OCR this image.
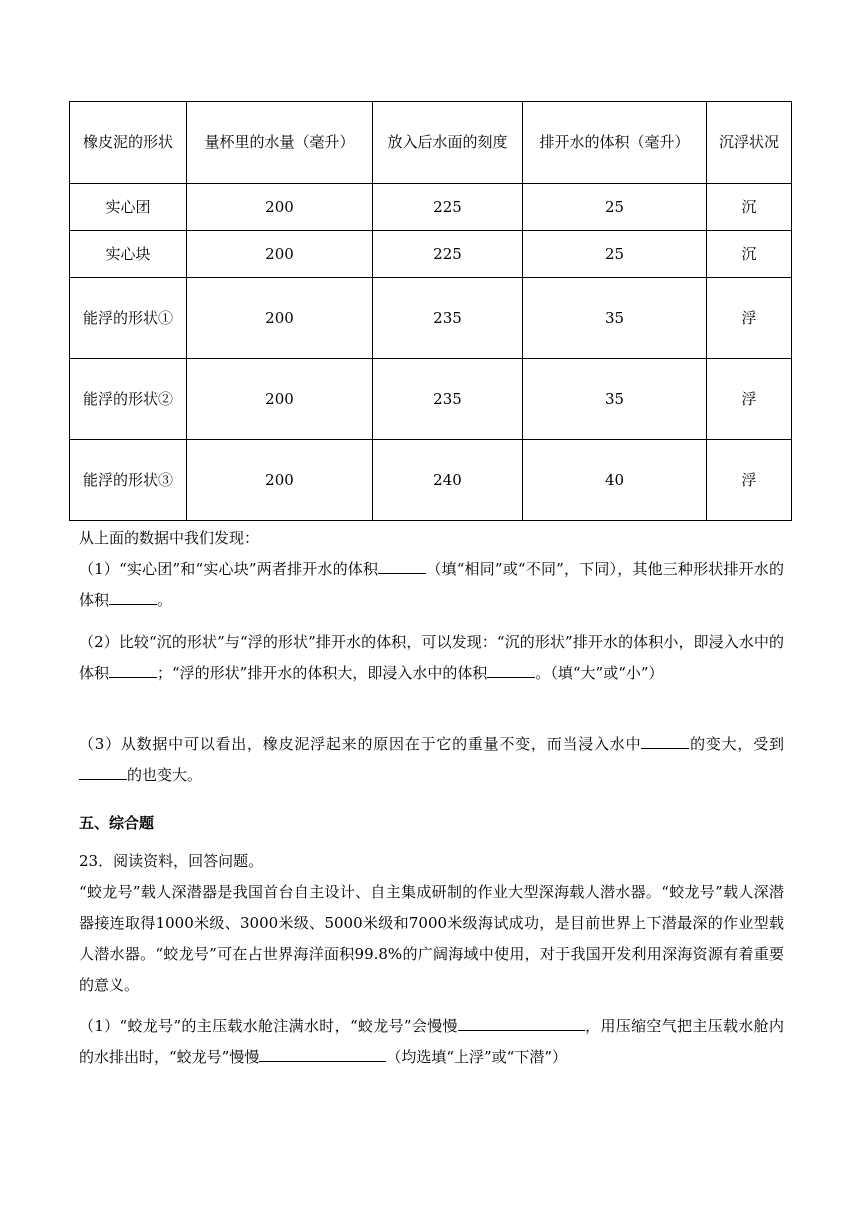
橡皮泥的形状	量杯里的水量（毫升）	放入后水面的刻度	排开水的体积（毫升）	沉浮状况
实心团	200	225	25	沉
实心块	200	225	25	沉
能浮的形状①	200	235	35	浮
能浮的形状②	200	235	35	浮
能浮的形状③	200	240	40	浮
从上面的数据中我们发现：
（1）“实心团”和“实心块”两者排开水的体积	（填“相同”或“不同”，下同），其他三种形状排开水的体积	。
（2）比较“沉的形状”与“浮的形状”排开水的体积，可以发现：“沉的形状”排开水的体积小，即浸入水中的体积	；“浮的形状”排开水的体积大，即浸入水中的体积	。（填“大”或“小”）
（3）从数据中可以看出，橡皮泥浮起来的原因在于它的重量不变，而当浸入水中	的变大，受到的也变大。
五、综合题
23．阅读资料，回答问题。
“蛟龙号”载人深潜器是我国首台自主设计、自主集成研制的作业大型深海载人潜水器。“蛟龙号”载人深潜器接连取得1000米级、3000米级、5000米级和7000米级海试成功，是目前世界上下潜最深的作业型载人潜水器。“蛟龙号”可在占世界海洋面积99.8%的广阔海域中使用，对于我国开发利用深海资源有着重要的意义。
（1）“蛟龙号”的主压载水舱注满水时，“蛟龙号”会慢慢	，用压缩空气把主压载水舱内的水排出时，“蛟龙号”慢慢	（均选填“上浮”或“下潜”）
